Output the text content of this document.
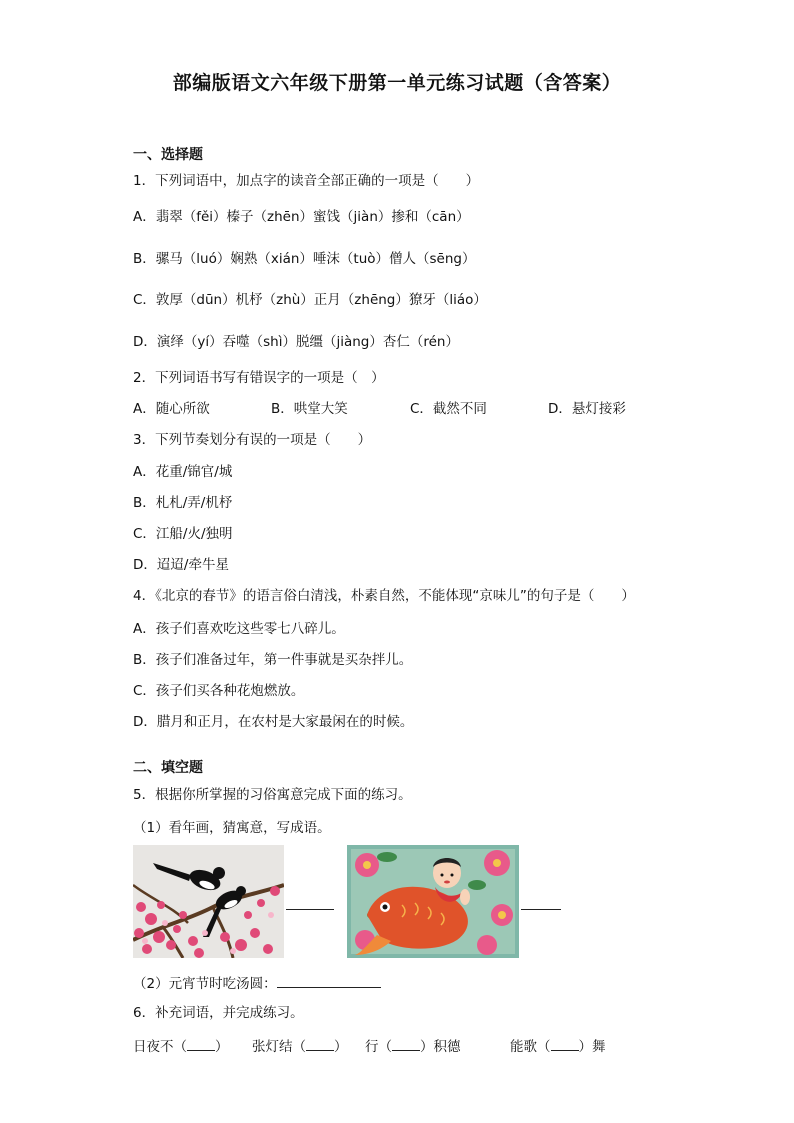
部编版语文六年级下册第一单元练习试题（含答案）
一、选择题
1．下列词语中，加点字的读音全部正确的一项是（　　）
A．翡翠（fěi）榛子（zhēn）蜜饯（jiàn）掺和（cān）
B．骡马（luó）娴熟（xián）唾沫（tuò）僧人（sēng）
C．敦厚（dūn）机杼（zhù）正月（zhēng）獠牙（liáo）
D．演绎（yí）吞噬（shì）脱缰（jiàng）杏仁（rén）
2．下列词语书写有错误字的一项是（　）
A．随心所欲	B．哄堂大笑	C．截然不同	D．悬灯接彩
3．下列节奏划分有误的一项是（　　）
A．花重/锦官/城
B．札札/弄/机杼
C．江船/火/独明
D．迢迢/牵牛星
4．《北京的春节》的语言俗白清浅，朴素自然，不能体现“京味儿”的句子是（　　）
A．孩子们喜欢吃这些零七八碎儿。
B．孩子们准备过年，第一件事就是买杂拌儿。
C．孩子们买各种花炮燃放。
D．腊月和正月，在农村是大家最闲在的时候。
二、填空题
5．根据你所掌握的习俗寓意完成下面的练习。
（1）看年画，猜寓意，写成语。
（2）元宵节时吃汤圆：
6．补充词语，并完成练习。
日夜不（ ） 张灯结（ ） 行（ ）积德	能歌（ ）舞
